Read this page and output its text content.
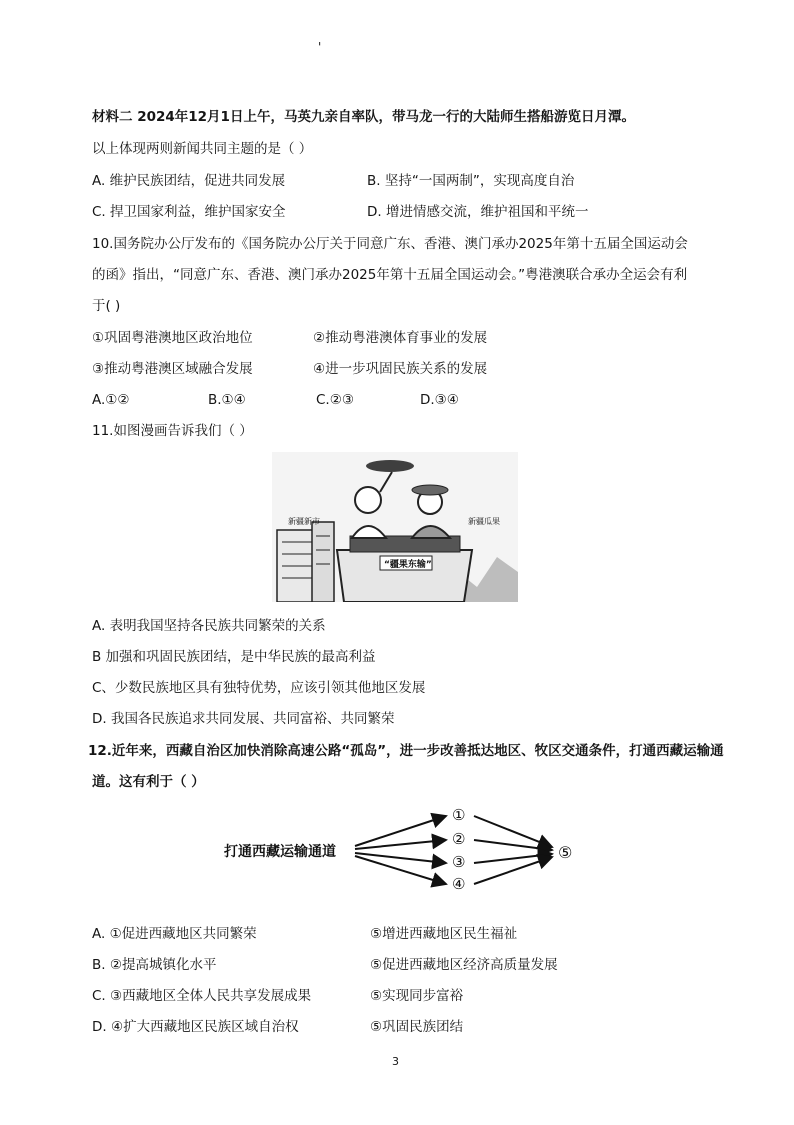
'
材料二 2024年12月1日上午，马英九亲自率队，带马龙一行的大陆师生搭船游览日月潭。
以上体现两则新闻共同主题的是（ ）
A. 维护民族团结，促进共同发展	B. 坚持“一国两制”，实现高度自治
C. 捍卫国家利益，维护国家安全	D. 增进情感交流，维护祖国和平统一
10.国务院办公厅发布的《国务院办公厅关于同意广东、香港、澳门承办2025年第十五届全国运动会
的函》指出，“同意广东、香港、澳门承办2025年第十五届全国运动会。”粤港澳联合承办全运会有利
于( )
①巩固粤港澳地区政治地位	②推动粤港澳体育事业的发展
③推动粤港澳区域融合发展	④进一步巩固民族关系的发展
A.①②	B.①④	C.②③	D.③④
11.如图漫画告诉我们（ ）
新疆新市	新疆瓜果
“疆果东输”
A. 表明我国坚持各民族共同繁荣的关系
B 加强和巩固民族团结，是中华民族的最高利益
C、少数民族地区具有独特优势，应该引领其他地区发展
D. 我国各民族追求共同发展、共同富裕、共同繁荣
12.近年来，西藏自治区加快消除高速公路“孤岛”，进一步改善抵达地区、牧区交通条件，打通西藏运输通
道。这有利于（ ）
打通西藏运输通道
①
②
③
④
⑤
A. ①促进西藏地区共同繁荣	⑤增进西藏地区民生福祉
B. ②提高城镇化水平	⑤促进西藏地区经济高质量发展
C. ③西藏地区全体人民共享发展成果	⑤实现同步富裕
D. ④扩大西藏地区民族区域自治权	⑤巩固民族团结
3
